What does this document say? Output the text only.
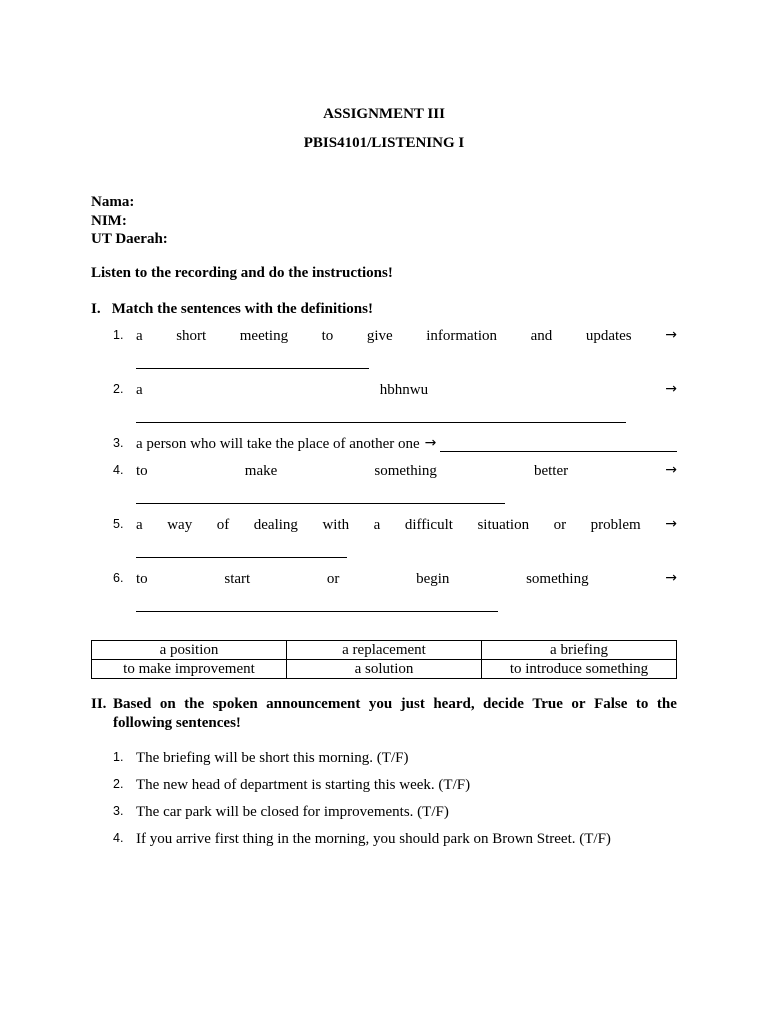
ASSIGNMENT III
PBIS4101/LISTENING I
Nama:
NIM:
UT Daerah:
Listen to the recording and do the instructions!
I. Match the sentences with the definitions!
1. a short meeting to give information and updates →
2. a	hbhnwu	→
3. a person who will take the place of another one →
4. to	make	something	better	→
5. a way of dealing with a difficult situation or problem →
6. to	start	or	begin	something	→
a position	a replacement	a briefing
to make improvement	a solution	to introduce something
II. Based on the spoken announcement you just heard, decide True or False to the
following sentences!
1. The briefing will be short this morning. (T/F)
2. The new head of department is starting this week. (T/F)
3. The car park will be closed for improvements. (T/F)
4. If you arrive first thing in the morning, you should park on Brown Street. (T/F)
